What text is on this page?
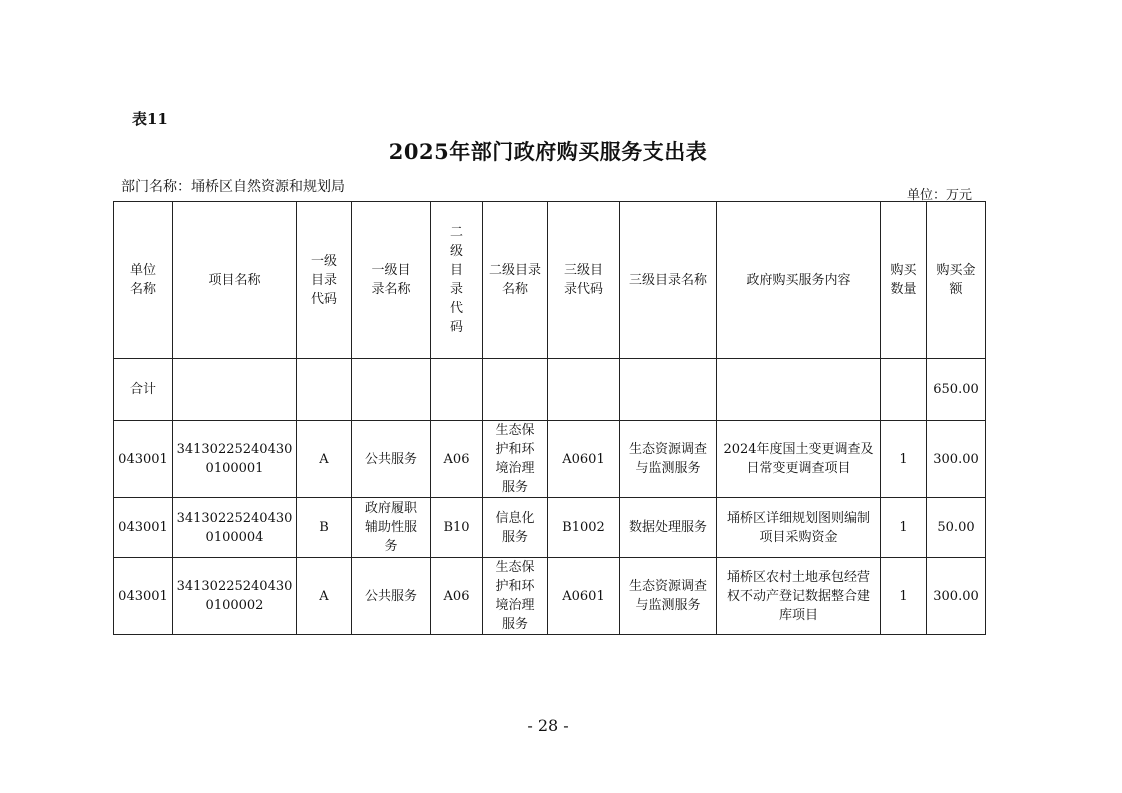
表11
2025年部门政府购买服务支出表
部门名称：埇桥区自然资源和规划局
单位：万元
单位名称	项目名称	一级目录代码	一级目录名称	二级目录代码	二级目录名称	三级目录代码	三级目录名称	政府购买服务内容	购买数量	购买金额
合计										650.00
043001	341302252404300100001	A	公共服务	A06	生态保护和环境治理服务	A0601	生态资源调查与监测服务	2024年度国土变更调查及日常变更调查项目	1	300.00
043001	341302252404300100004	B	政府履职辅助性服务	B10	信息化服务	B1002	数据处理服务	埇桥区详细规划图则编制项目采购资金	1	50.00
043001	341302252404300100002	A	公共服务	A06	生态保护和环境治理服务	A0601	生态资源调查与监测服务	埇桥区农村土地承包经营权不动产登记数据整合建库项目	1	300.00
- 28 -
